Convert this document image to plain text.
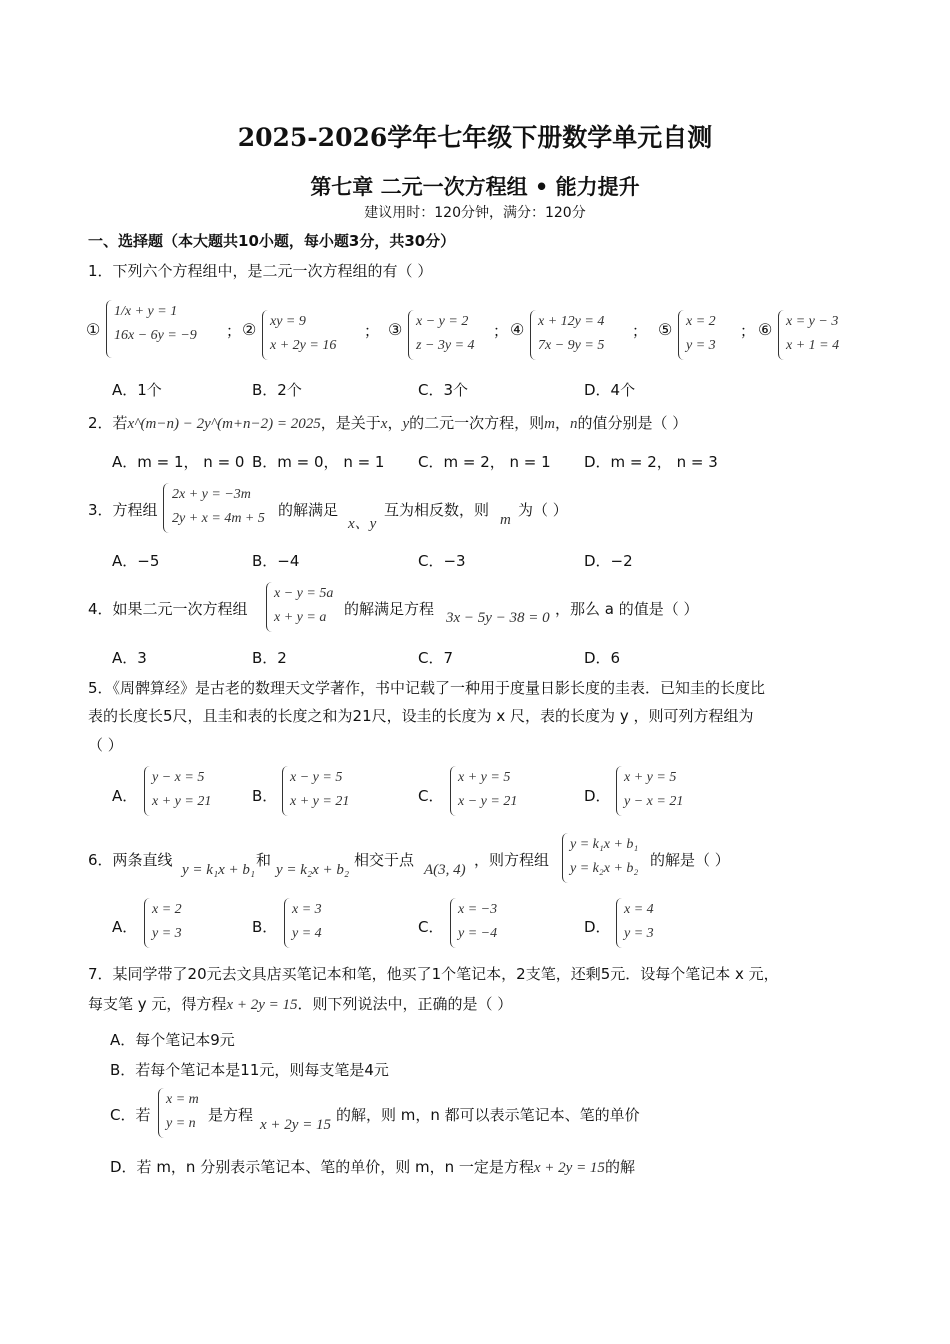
2025-2026学年七年级下册数学单元自测
第七章 二元一次方程组 • 能力提升
建议用时：120分钟，满分：120分
一、选择题（本大题共10小题，每小题3分，共30分）
1．下列六个方程组中，是二元一次方程组的有（ ）
①
1/x + y = 1
16x − 6y = −9 ； ② xy = 9
x + 2y = 16
； ③ x − y = 2
z − 3y = 4
； ④ x + 12y = 4
7x − 9y = 5
； ⑤ x = 2
y = 3
； ⑥ x = y − 3
x + 1 = 4
A．1个	B．2个	C．3个	D．4个
2．若x^(m−n) − 2y^(m+n−2) = 2025，是关于x，y的二元一次方程，则m，n的值分别是（ ）
A．m = 1， n = 0 B．m = 0， n = 1 C．m = 2， n = 1 D．m = 2， n = 3
3．方程组
2x + y = −3m
2y + x = 4m + 5 的解满足
x、y
互为相反数，则
m
为（ ）
A．−5	B．−4	C．−3	D．−2
4．如果二元一次方程组
x − y = 5a
x + y = a	的解满足方程 3x − 5y − 38 = 0 ，那么 a 的值是（ ）
A．3	B．2	C．7	D．6
5．《周髀算经》是古老的数理天文学著作，书中记载了一种用于度量日影长度的圭表．已知圭的长度比
表的长度长5尺，且圭和表的长度之和为21尺，设圭的长度为 x 尺，表的长度为 y ，则可列方程组为
（ ）
A．
y − x = 5
x + y = 21	B．
x − y = 5
x + y = 21	C．
x + y = 5
x − y = 21	D．
x + y = 5
y − x = 21
6．两条直线
y = k₁x + b₁
和
y = k₂x + b₂
相交于点
A(3, 4)
，则方程组
y = k₁x + b₁
y = k₂x + b₂ 的解是（ ）
A．
x = 2
y = 3	B．
x = 3
y = 4	C．
x = −3
y = −4	D．
x = 4
y = 3
7．某同学带了20元去文具店买笔记本和笔，他买了1个笔记本，2支笔，还剩5元．设每个笔记本 x 元，
每支笔 y 元，得方程x + 2y = 15．则下列说法中，正确的是（ ）
A．每个笔记本9元
B．若每个笔记本是11元，则每支笔是4元
C．若
x = m
y = n 是方程
x + 2y = 15
的解，则 m，n 都可以表示笔记本、笔的单价
D．若 m，n 分别表示笔记本、笔的单价，则 m，n 一定是方程x + 2y = 15的解
